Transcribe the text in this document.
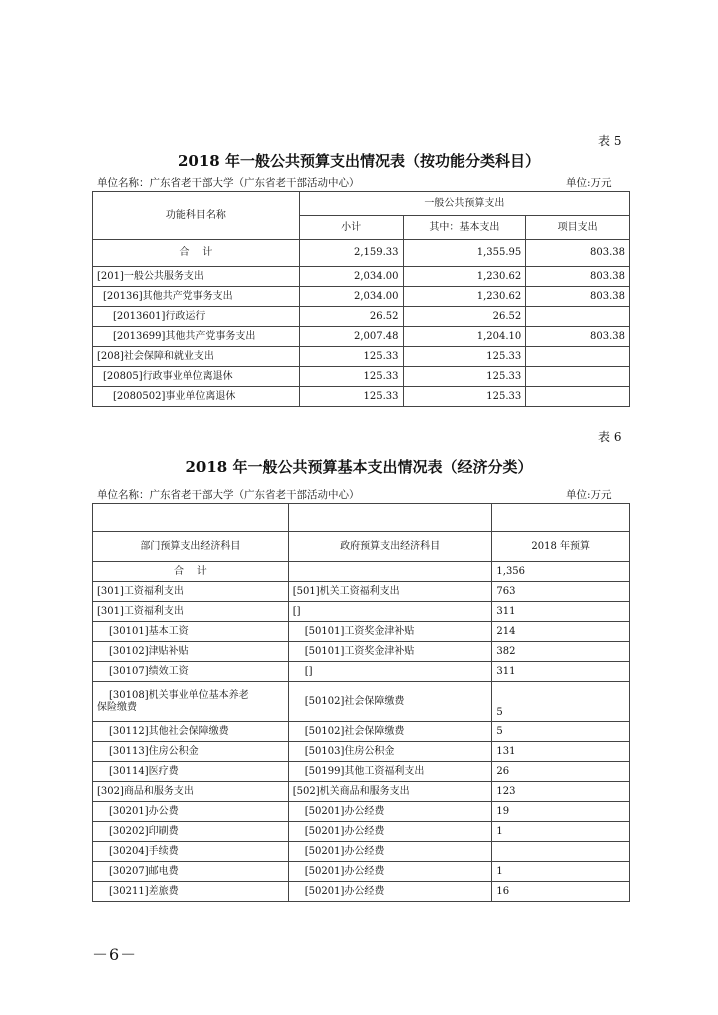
表 5
2018 年一般公共预算支出情况表（按功能分类科目）
单位名称：广东省老干部大学（广东省老干部活动中心）	单位:万元
功能科目名称	一般公共预算支出		
	小计	其中：基本支出	项目支出
合    计	2,159.33	1,355.95	803.38
[201]一般公共服务支出	2,034.00	1,230.62	803.38
[20136]其他共产党事务支出	2,034.00	1,230.62	803.38
[2013601]行政运行	26.52	26.52	
[2013699]其他共产党事务支出	2,007.48	1,204.10	803.38
[208]社会保障和就业支出	125.33	125.33	
[20805]行政事业单位离退休	125.33	125.33	
[2080502]事业单位离退休	125.33	125.33	
表 6
2018 年一般公共预算基本支出情况表（经济分类）
单位名称：广东省老干部大学（广东省老干部活动中心）	单位:万元

部门预算支出经济科目	政府预算支出经济科目	2018 年预算
合    计		1,356
[301]工资福利支出	[501]机关工资福利支出	763
[301]工资福利支出	[]	311
[30101]基本工资	[50101]工资奖金津补贴	214
[30102]津贴补贴	[50101]工资奖金津补贴	382
[30107]绩效工资	[]	311

[30108]机关事业单位基本养老
保险缴费	[50102]社会保障缴费	5
[30112]其他社会保障缴费	[50102]社会保障缴费	5
[30113]住房公积金	[50103]住房公积金	131
[30114]医疗费	[50199]其他工资福利支出	26
[302]商品和服务支出	[502]机关商品和服务支出	123
[30201]办公费	[50201]办公经费	19
[30202]印刷费	[50201]办公经费	1
[30204]手续费	[50201]办公经费	
[30207]邮电费	[50201]办公经费	1
[30211]差旅费	[50201]办公经费	16
－6－
